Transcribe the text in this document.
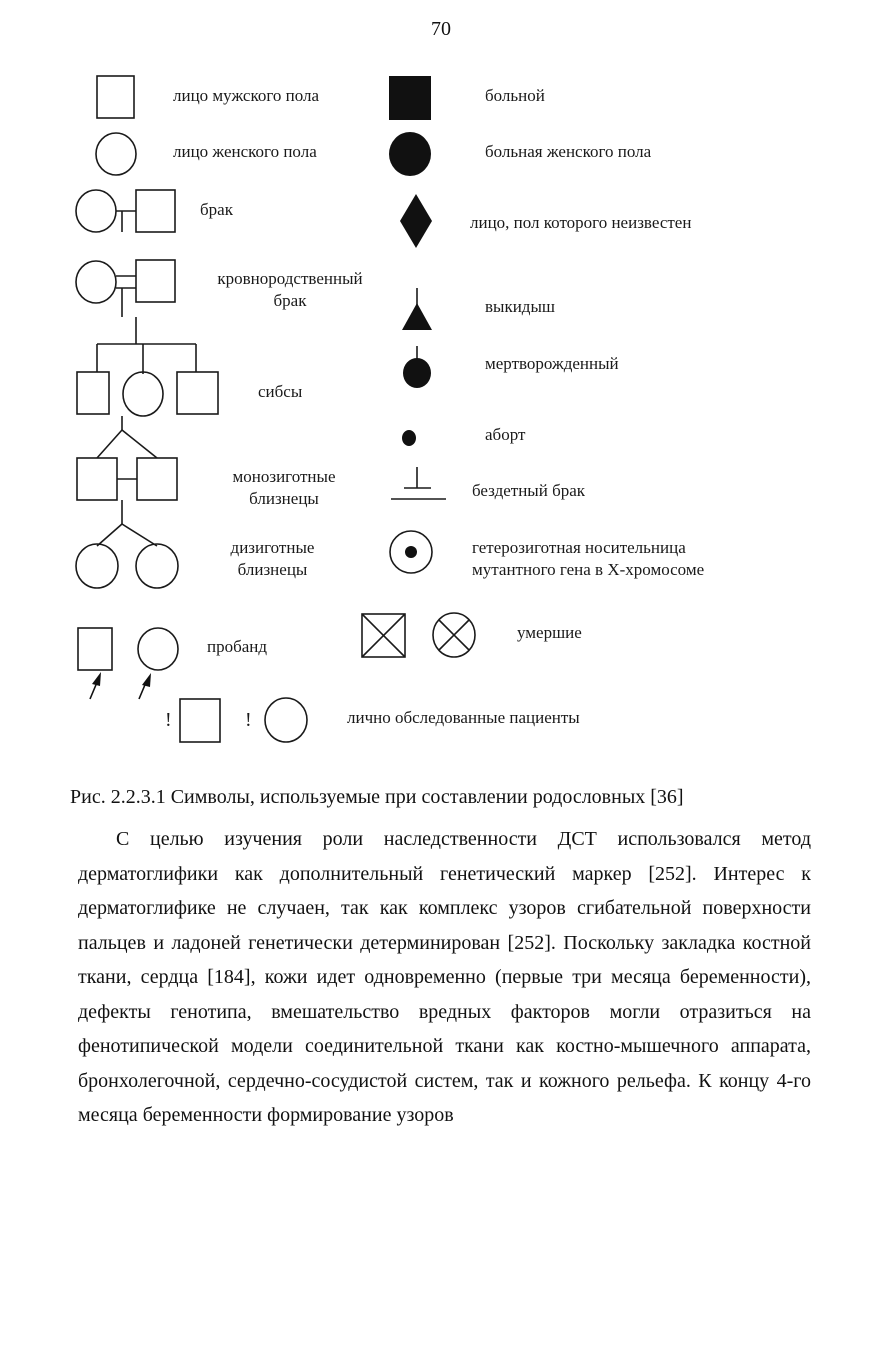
70
лицо мужского пола
лицо женского пола
брак
кровнородственный брак
сибсы
монозиготные близнецы
дизиготные близнецы
пробанд
!	!	лично обследованные пациенты
больной
больная женского пола
лицо, пол которого неизвестен
выкидыш
мертворожденный
аборт
бездетный брак
гетерозиготная носительница мутантного гена в Х-хромосоме
умершие
Рис. 2.2.3.1 Символы, используемые при составлении родословных [36]

С целью изучения роли наследственности ДСТ использовался метод дерматоглифики как дополнительный генетический маркер [252]. Интерес к дерматоглифике не случаен, так как комплекс узоров сгибательной поверхности пальцев и ладоней генетически детерминирован [252]. Поскольку закладка костной ткани, сердца [184], кожи идет одновременно (первые три месяца беременности), дефекты генотипа, вмешательство вредных факторов могли отразиться на фенотипической модели соединительной ткани как костно-мышечного аппарата, бронхолегочной, сердечно-сосудистой систем, так и кожного рельефа. К концу 4-го месяца беременности формирование узоров
